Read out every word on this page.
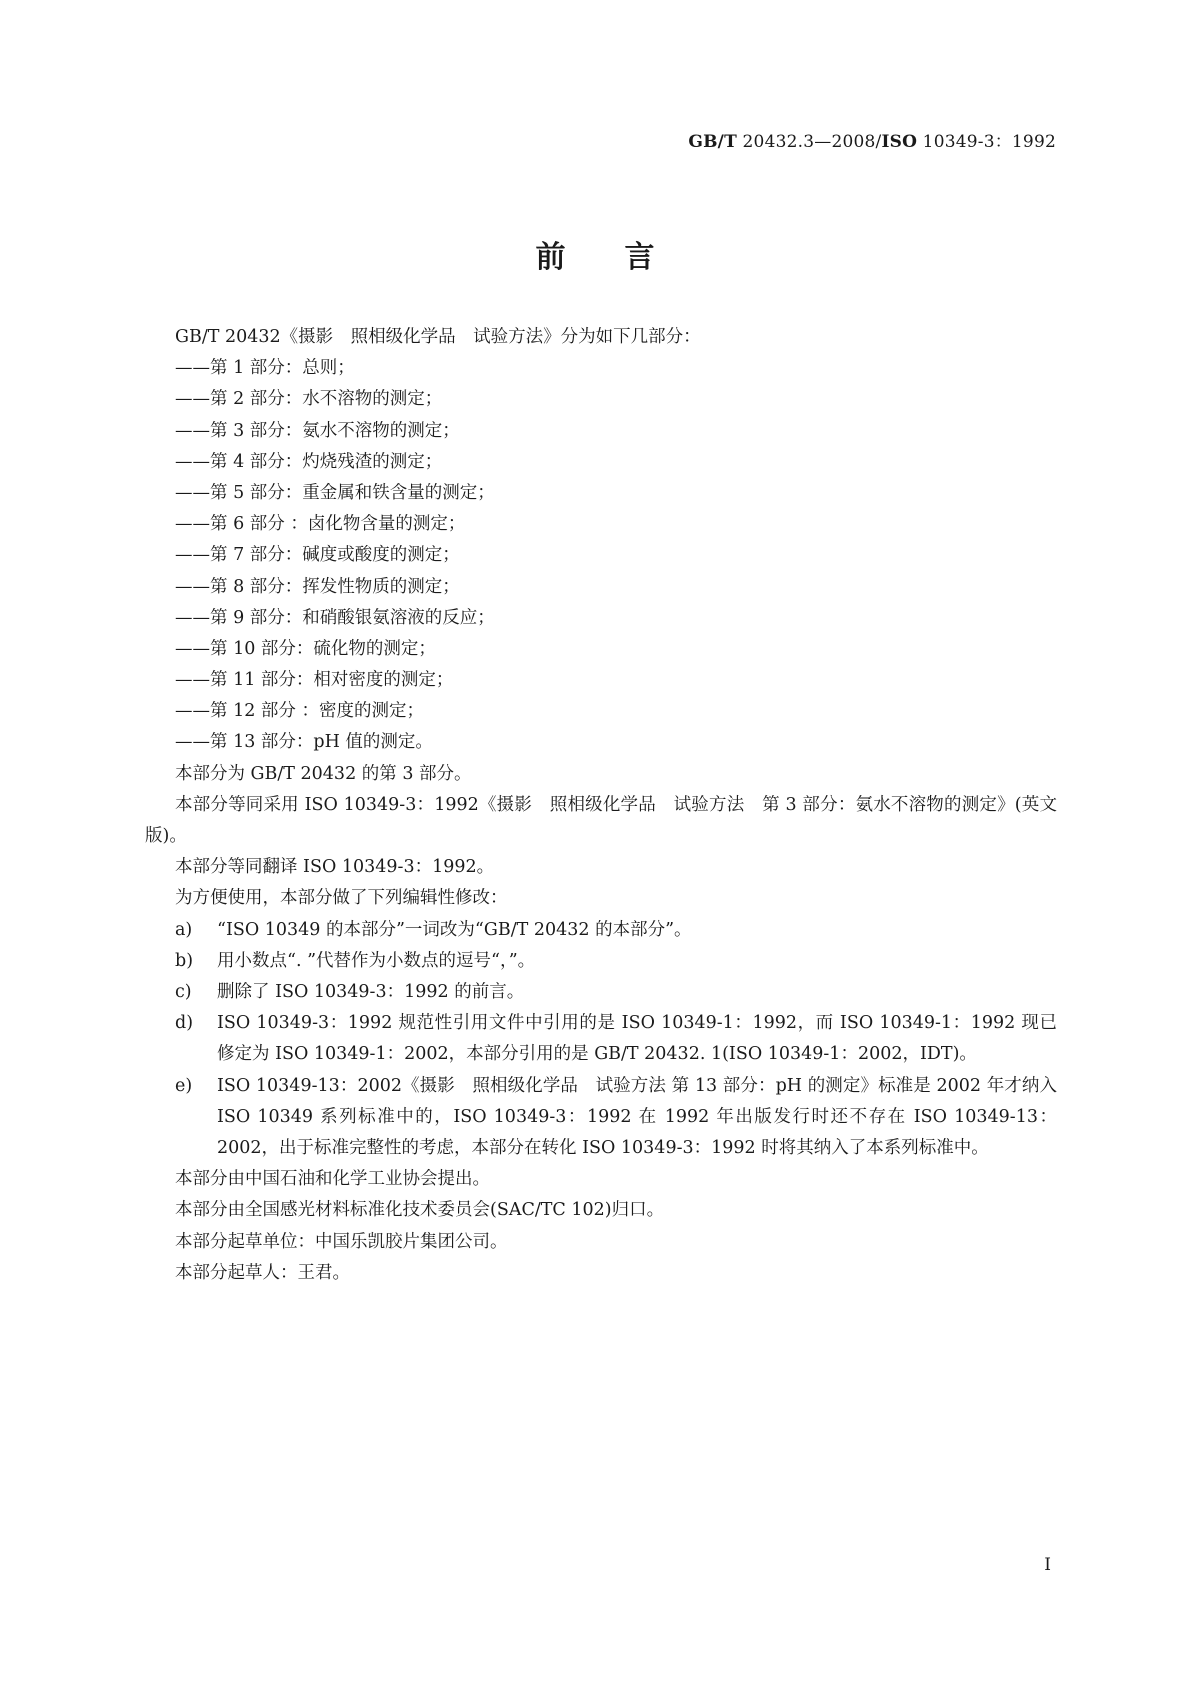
GB/T 20432.3—2008/ISO 10349-3：1992
前 言
GB/T 20432《摄影　照相级化学品　试验方法》分为如下几部分：
——第 1 部分：总则；
——第 2 部分：水不溶物的测定；
——第 3 部分：氨水不溶物的测定；
——第 4 部分：灼烧残渣的测定；
——第 5 部分：重金属和铁含量的测定；
——第 6 部分 ：卤化物含量的测定；
——第 7 部分：碱度或酸度的测定；
——第 8 部分：挥发性物质的测定；
——第 9 部分：和硝酸银氨溶液的反应；
——第 10 部分：硫化物的测定；
——第 11 部分：相对密度的测定；
——第 12 部分 ：密度的测定；
——第 13 部分：pH 值的测定。
本部分为 GB/T 20432 的第 3 部分。
本部分等同采用 ISO 10349-3：1992《摄影　照相级化学品　试验方法　第 3 部分：氨水不溶物的测定》(英文版)。
本部分等同翻译 ISO 10349-3：1992。
为方便使用，本部分做了下列编辑性修改：
a)	“ISO 10349 的本部分”一词改为“GB/T 20432 的本部分”。
b)	用小数点“. ”代替作为小数点的逗号“，”。
c)	删除了 ISO 10349-3：1992 的前言。
d)	ISO 10349-3：1992 规范性引用文件中引用的是 ISO 10349-1：1992，而 ISO 10349-1：1992 现已修定为 ISO 10349-1：2002，本部分引用的是 GB/T 20432. 1(ISO 10349-1：2002，IDT)。
e)	ISO 10349-13：2002《摄影　照相级化学品　试验方法 第 13 部分：pH 的测定》标准是 2002 年才纳入 ISO 10349 系列标准中的，ISO 10349-3：1992 在 1992 年出版发行时还不存在 ISO 10349-13：2002，出于标准完整性的考虑，本部分在转化 ISO 10349-3：1992 时将其纳入了本系列标准中。
本部分由中国石油和化学工业协会提出。
本部分由全国感光材料标准化技术委员会(SAC/TC 102)归口。
本部分起草单位：中国乐凯胶片集团公司。
本部分起草人：王君。
I
